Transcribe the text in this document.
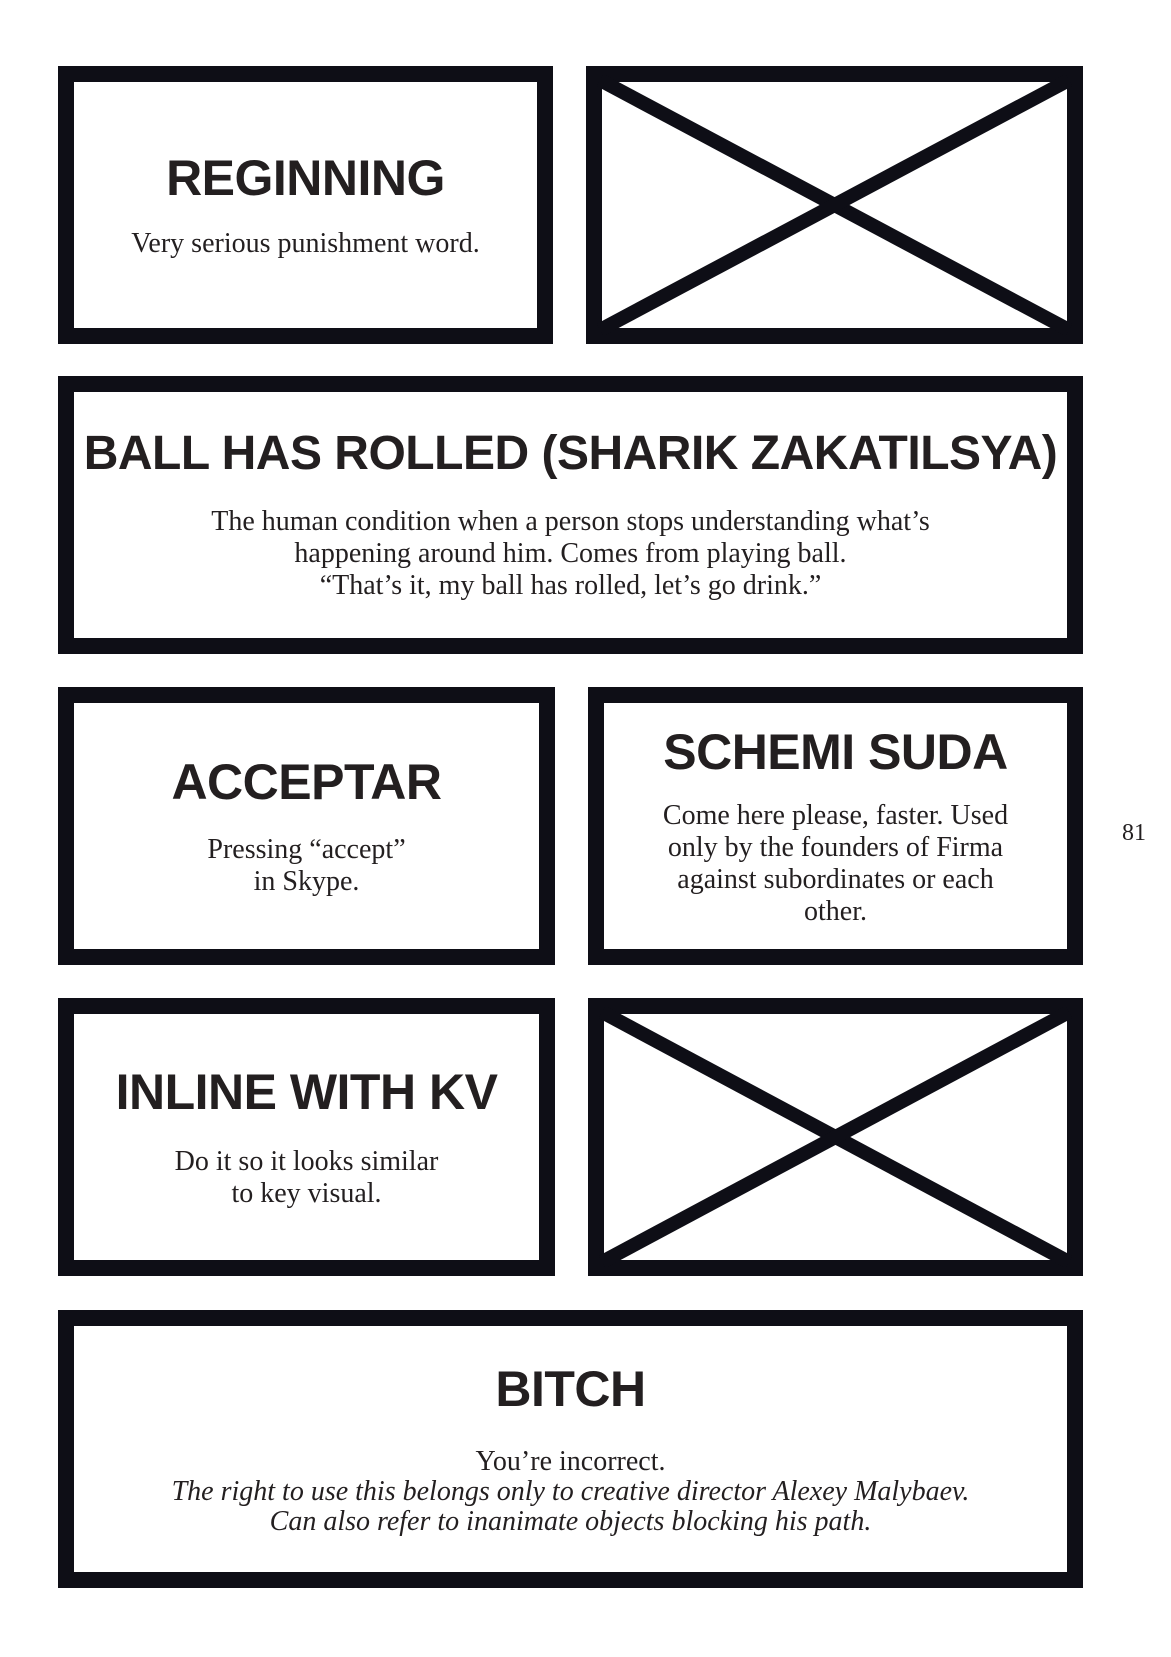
REGINNING
Very serious punishment word.
BALL HAS ROLLED (SHARIK ZAKATILSYA)
The human condition when a person stops understanding what’s
happening around him. Comes from playing ball.
“That’s it, my ball has rolled, let’s go drink.”
ACCEPTAR
Pressing “accept”
in Skype.
SCHEMI SUDA
Come here please, faster. Used
only by the founders of Firma
against subordinates or each
other.
81
INLINE WITH KV
Do it so it looks similar
to key visual.
BITCH
You’re incorrect.
The right to use this belongs only to creative director Alexey Malybaev.
Can also refer to inanimate objects blocking his path.
